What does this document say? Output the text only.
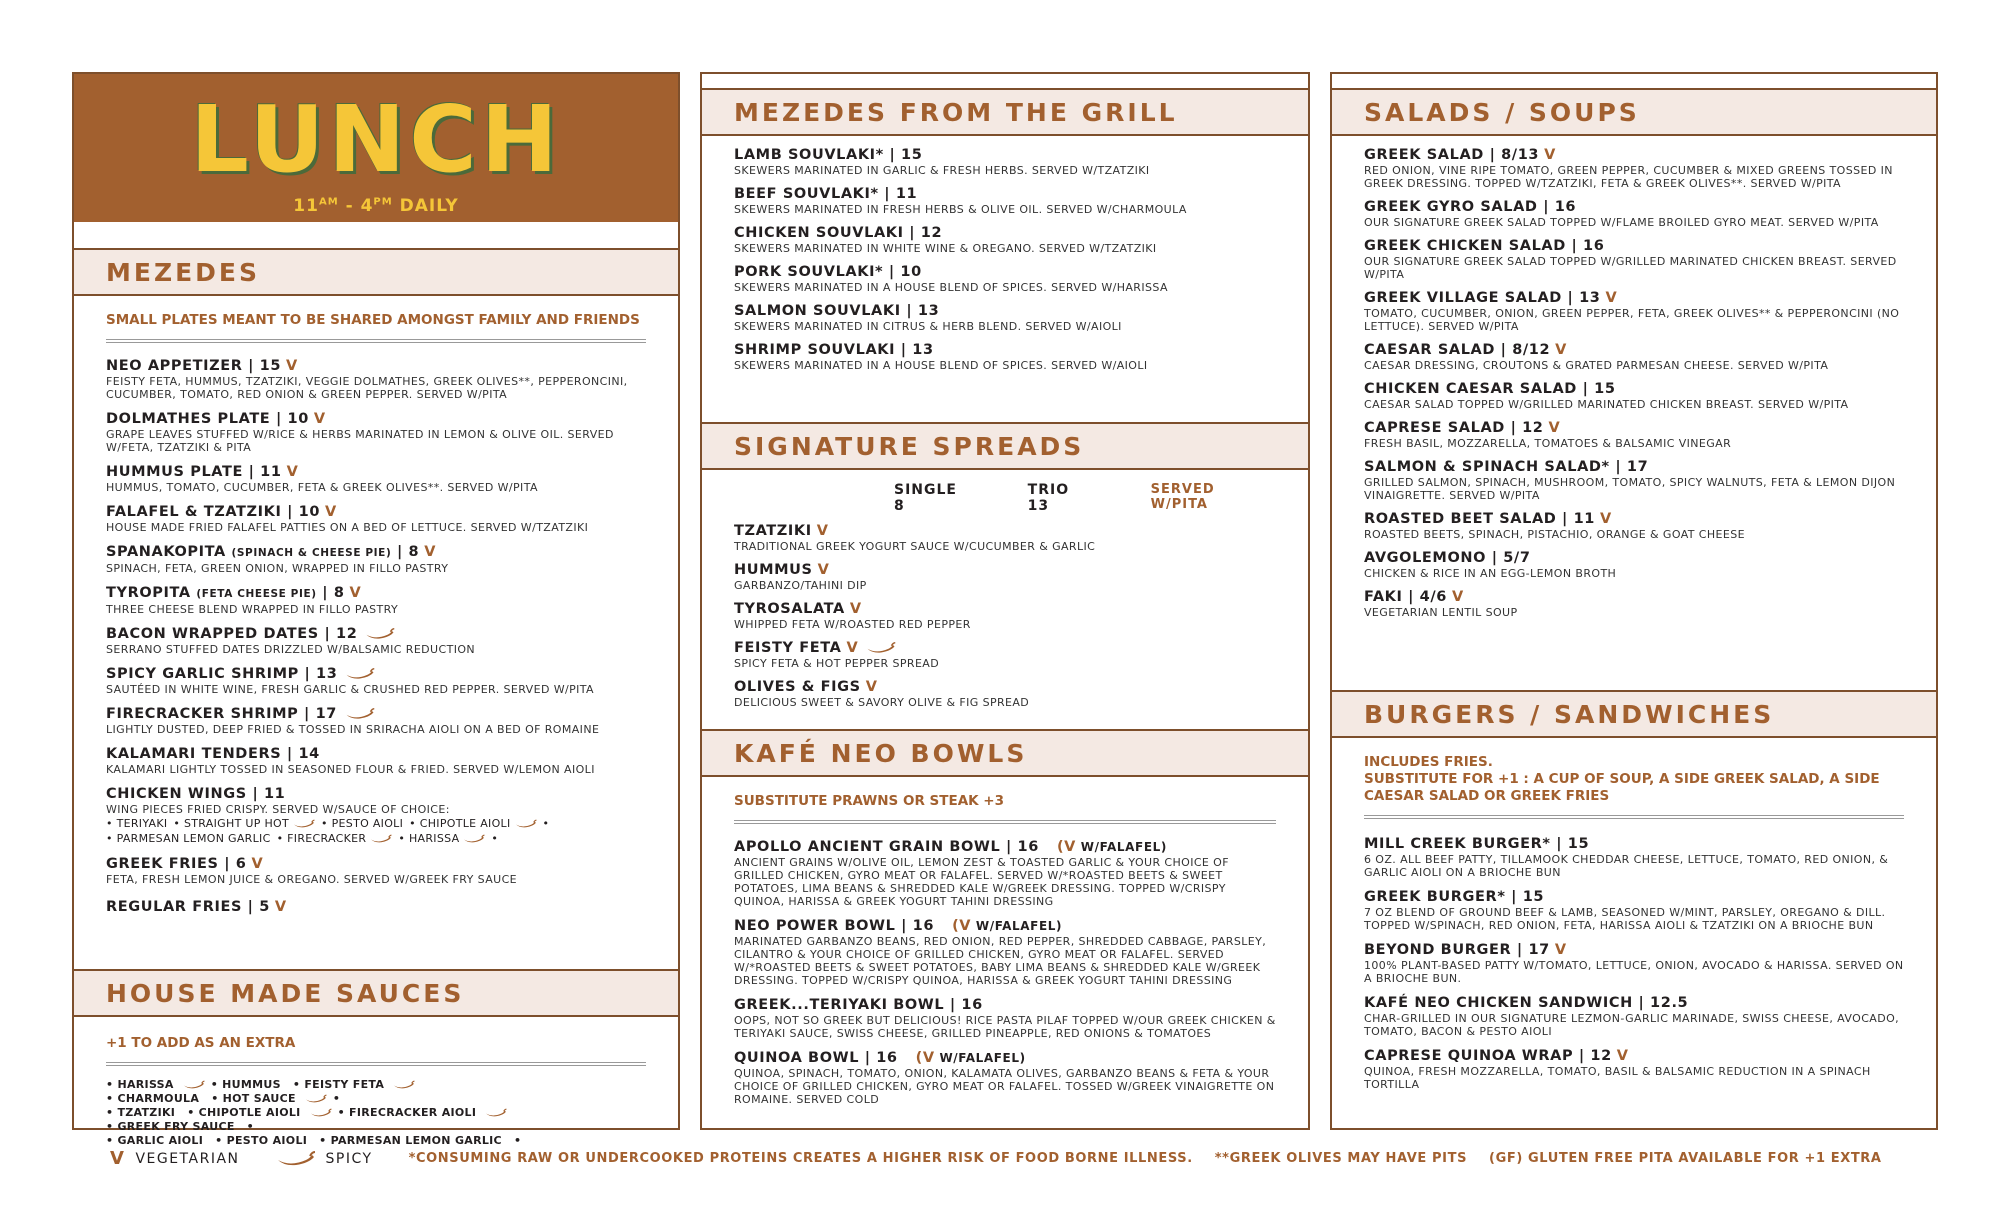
LUNCH
$11^{AM} - 4^{PM}$ DAILY
MEZEDES
SMALL PLATES MEANT TO BE SHARED AMONGST FAMILY AND FRIENDS
NEO APPETIZER | 15 V
FEISTY FETA, HUMMUS, TZATZIKI, VEGGIE DOLMATHES, GREEK OLIVES**, PEPPERONCINI, CUCUMBER, TOMATO, RED ONION & GREEN PEPPER. SERVED W/PITA
DOLMATHES PLATE | 10 V
GRAPE LEAVES STUFFED W/RICE & HERBS MARINATED IN LEMON & OLIVE OIL. SERVED W/FETA, TZATZIKI & PITA
HUMMUS PLATE | 11 V
HUMMUS, TOMATO, CUCUMBER, FETA & GREEK OLIVES**. SERVED W/PITA
FALAFEL & TZATZIKI | 10 V
HOUSE MADE FRIED FALAFEL PATTIES ON A BED OF LETTUCE. SERVED W/TZATZIKI
SPANAKOPITA (SPINACH & CHEESE PIE) | 8 V
SPINACH, FETA, GREEN ONION, WRAPPED IN FILLO PASTRY
TYROPITA (FETA CHEESE PIE) | 8 V
THREE CHEESE BLEND WRAPPED IN FILLO PASTRY
BACON WRAPPED DATES | 12
SERRANO STUFFED DATES DRIZZLED W/BALSAMIC REDUCTION
SPICY GARLIC SHRIMP | 13
SAUTÉED IN WHITE WINE, FRESH GARLIC & CRUSHED RED PEPPER. SERVED W/PITA
FIRECRACKER SHRIMP | 17
LIGHTLY DUSTED, DEEP FRIED & TOSSED IN SRIRACHA AIOLI ON A BED OF ROMAINE
KALAMARI TENDERS | 14
KALAMARI LIGHTLY TOSSED IN SEASONED FLOUR & FRIED. SERVED W/LEMON AIOLI
CHICKEN WINGS | 11
WING PIECES FRIED CRISPY. SERVED W/SAUCE OF CHOICE:
• TERIYAKI • STRAIGHT UP HOT	• PESTO AIOLI • CHIPOTLE AIOLI	•
• PARMESAN LEMON GARLIC • FIRECRACKER	• HARISSA	•
GREEK FRIES | 6 V
FETA, FRESH LEMON JUICE & OREGANO. SERVED W/GREEK FRY SAUCE
REGULAR FRIES | 5 V
HOUSE MADE SAUCES
+1 TO ADD AS AN EXTRA
• HARISSA	• HUMMUS • FEISTY FETA• CHARMOULA • HOT SAUCE	•
• TZATZIKI • CHIPOTLE AIOLI	• FIRECRACKER AIOLI• GREEK FRY SAUCE •
• GARLIC AIOLI • PESTO AIOLI • PARMESAN LEMON GARLIC •
MEZEDES FROM THE GRILL
LAMB SOUVLAKI* | 15
SKEWERS MARINATED IN GARLIC & FRESH HERBS. SERVED W/TZATZIKI
BEEF SOUVLAKI* | 11
SKEWERS MARINATED IN FRESH HERBS & OLIVE OIL. SERVED W/CHARMOULA
CHICKEN SOUVLAKI | 12
SKEWERS MARINATED IN WHITE WINE & OREGANO. SERVED W/TZATZIKI
PORK SOUVLAKI* | 10
SKEWERS MARINATED IN A HOUSE BLEND OF SPICES. SERVED W/HARISSA
SALMON SOUVLAKI | 13
SKEWERS MARINATED IN CITRUS & HERB BLEND. SERVED W/AIOLI
SHRIMP SOUVLAKI | 13
SKEWERS MARINATED IN A HOUSE BLEND OF SPICES. SERVED W/AIOLI
SIGNATURE SPREADS
SINGLE 8
TRIO 13
SERVED W/PITA
TZATZIKI V
TRADITIONAL GREEK YOGURT SAUCE W/CUCUMBER & GARLIC
HUMMUS V
GARBANZO/TAHINI DIP
TYROSALATA V
WHIPPED FETA W/ROASTED RED PEPPER
FEISTY FETA V
SPICY FETA & HOT PEPPER SPREAD
OLIVES & FIGS V
DELICIOUS SWEET & SAVORY OLIVE & FIG SPREAD
KAFÉ NEO BOWLS
SUBSTITUTE PRAWNS OR STEAK +3
APOLLO ANCIENT GRAIN BOWL | 16 (V W/FALAFEL)
ANCIENT GRAINS W/OLIVE OIL, LEMON ZEST & TOASTED GARLIC & YOUR CHOICE OF GRILLED CHICKEN, GYRO MEAT OR FALAFEL. SERVED W/*ROASTED BEETS & SWEET POTATOES, LIMA BEANS & SHREDDED KALE W/GREEK DRESSING. TOPPED W/CRISPY QUINOA, HARISSA & GREEK YOGURT TAHINI DRESSING
NEO POWER BOWL | 16 (V W/FALAFEL)
MARINATED GARBANZO BEANS, RED ONION, RED PEPPER, SHREDDED CABBAGE, PARSLEY, CILANTRO & YOUR CHOICE OF GRILLED CHICKEN, GYRO MEAT OR FALAFEL. SERVED W/*ROASTED BEETS & SWEET POTATOES, BABY LIMA BEANS & SHREDDED KALE W/GREEK DRESSING. TOPPED W/CRISPY QUINOA, HARISSA & GREEK YOGURT TAHINI DRESSING
GREEK...TERIYAKI BOWL | 16
OOPS, NOT SO GREEK BUT DELICIOUS! RICE PASTA PILAF TOPPED W/OUR GREEK CHICKEN & TERIYAKI SAUCE, SWISS CHEESE, GRILLED PINEAPPLE, RED ONIONS & TOMATOES
QUINOA BOWL | 16 (V W/FALAFEL)
QUINOA, SPINACH, TOMATO, ONION, KALAMATA OLIVES, GARBANZO BEANS & FETA & YOUR CHOICE OF GRILLED CHICKEN, GYRO MEAT OR FALAFEL. TOSSED W/GREEK VINAIGRETTE ON ROMAINE. SERVED COLD
SALADS / SOUPS
GREEK SALAD | 8/13 V
RED ONION, VINE RIPE TOMATO, GREEN PEPPER, CUCUMBER & MIXED GREENS TOSSED IN GREEK DRESSING. TOPPED W/TZATZIKI, FETA & GREEK OLIVES**. SERVED W/PITA
GREEK GYRO SALAD | 16
OUR SIGNATURE GREEK SALAD TOPPED W/FLAME BROILED GYRO MEAT. SERVED W/PITA
GREEK CHICKEN SALAD | 16
OUR SIGNATURE GREEK SALAD TOPPED W/GRILLED MARINATED CHICKEN BREAST. SERVED W/PITA
GREEK VILLAGE SALAD | 13 V
TOMATO, CUCUMBER, ONION, GREEN PEPPER, FETA, GREEK OLIVES** & PEPPERONCINI (NO LETTUCE). SERVED W/PITA
CAESAR SALAD | 8/12 V
CAESAR DRESSING, CROUTONS & GRATED PARMESAN CHEESE. SERVED W/PITA
CHICKEN CAESAR SALAD | 15
CAESAR SALAD TOPPED W/GRILLED MARINATED CHICKEN BREAST. SERVED W/PITA
CAPRESE SALAD | 12 V
FRESH BASIL, MOZZARELLA, TOMATOES & BALSAMIC VINEGAR
SALMON & SPINACH SALAD* | 17
GRILLED SALMON, SPINACH, MUSHROOM, TOMATO, SPICY WALNUTS, FETA & LEMON DIJON VINAIGRETTE. SERVED W/PITA
ROASTED BEET SALAD | 11 V
ROASTED BEETS, SPINACH, PISTACHIO, ORANGE & GOAT CHEESE
AVGOLEMONO | 5/7
CHICKEN & RICE IN AN EGG-LEMON BROTH
FAKI | 4/6 V
VEGETARIAN LENTIL SOUP
BURGERS / SANDWICHES
INCLUDES FRIES.
SUBSTITUTE FOR +1 : A CUP OF SOUP, A SIDE GREEK SALAD, A SIDE CAESAR SALAD OR GREEK FRIES
MILL CREEK BURGER* | 15
6 OZ. ALL BEEF PATTY, TILLAMOOK CHEDDAR CHEESE, LETTUCE, TOMATO, RED ONION, & GARLIC AIOLI ON A BRIOCHE BUN
GREEK BURGER* | 15
7 OZ BLEND OF GROUND BEEF & LAMB, SEASONED W/MINT, PARSLEY, OREGANO & DILL. TOPPED W/SPINACH, RED ONION, FETA, HARISSA AIOLI & TZATZIKI ON A BRIOCHE BUN
BEYOND BURGER | 17 V
100% PLANT-BASED PATTY W/TOMATO, LETTUCE, ONION, AVOCADO & HARISSA. SERVED ON A BRIOCHE BUN.
KAFÉ NEO CHICKEN SANDWICH | 12.5
CHAR-GRILLED IN OUR SIGNATURE LEZMON-GARLIC MARINADE, SWISS CHEESE, AVOCADO, TOMATO, BACON & PESTO AIOLI
CAPRESE QUINOA WRAP | 12 V
QUINOA, FRESH MOZZARELLA, TOMATO, BASIL & BALSAMIC REDUCTION IN A SPINACH TORTILLA
V VEGETARIAN	SPICY	*CONSUMING RAW OR UNDERCOOKED PROTEINS CREATES A HIGHER RISK OF FOOD BORNE ILLNESS. **GREEK OLIVES MAY HAVE PITS (GF) GLUTEN FREE PITA AVAILABLE FOR +1 EXTRA
